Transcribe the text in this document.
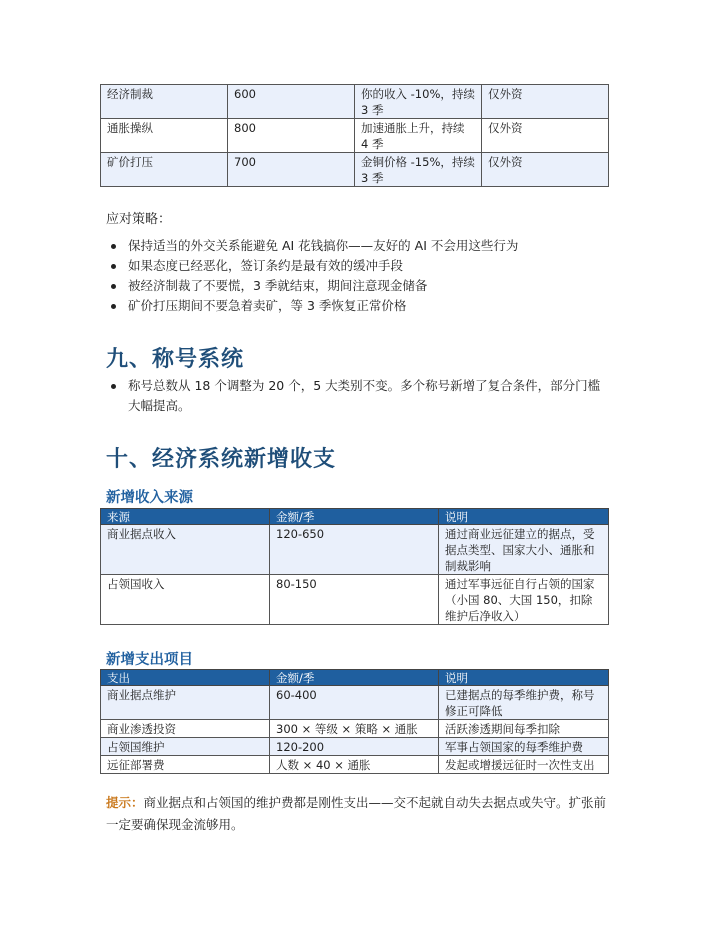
经济制裁	600	你的收入 -10%，持续 3 季	仅外资
通胀操纵	800	加速通胀上升，持续 4 季	仅外资
矿价打压	700	金铜价格 -15%，持续 3 季	仅外资
应对策略：
保持适当的外交关系能避免 AI 花钱搞你——友好的 AI 不会用这些行为
如果态度已经恶化，签订条约是最有效的缓冲手段
被经济制裁了不要慌，3 季就结束，期间注意现金储备
矿价打压期间不要急着卖矿，等 3 季恢复正常价格
九、称号系统
称号总数从 18 个调整为 20 个，5 大类别不变。多个称号新增了复合条件，部分门槛大幅提高。
十、经济系统新增收支
新增收入来源
来源	金额/季	说明
商业据点收入	120-650	通过商业远征建立的据点，受据点类型、国家大小、通胀和制裁影响
占领国收入	80-150	通过军事远征自行占领的国家（小国 80、大国 150，扣除维护后净收入）
新增支出项目
支出	金额/季	说明
商业据点维护	60-400	已建据点的每季维护费，称号修正可降低
商业渗透投资	300 × 等级 × 策略 × 通胀	活跃渗透期间每季扣除
占领国维护	120-200	军事占领国家的每季维护费
远征部署费	人数 × 40 × 通胀	发起或增援远征时一次性支出
提示：商业据点和占领国的维护费都是刚性支出——交不起就自动失去据点或失守。扩张前一定要确保现金流够用。
